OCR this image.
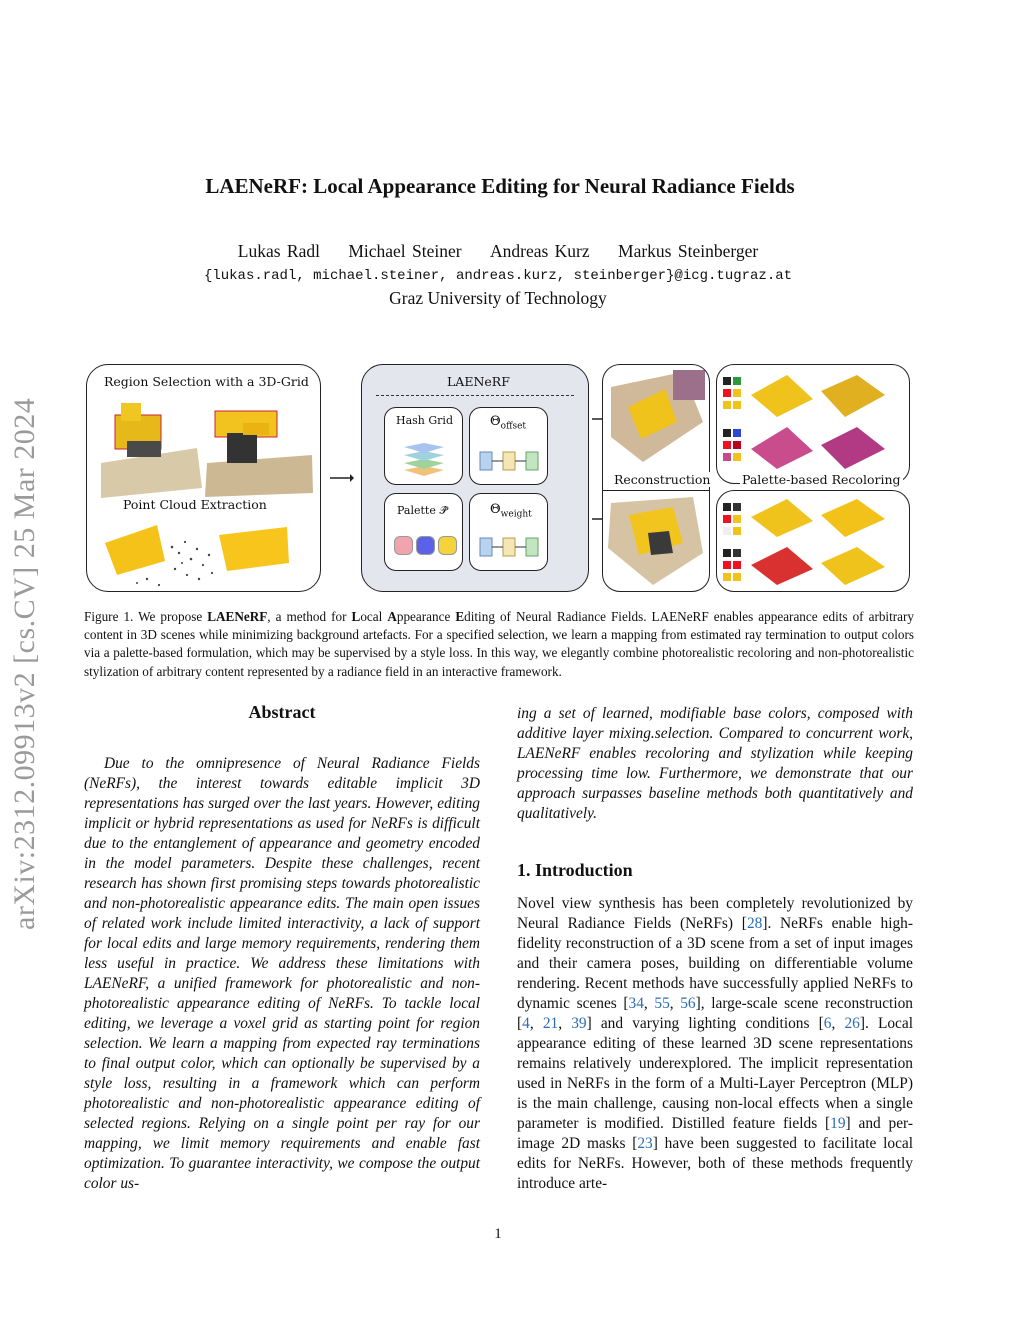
arXiv:2312.09913v2 [cs.CV] 25 Mar 2024
LAENeRF: Local Appearance Editing for Neural Radiance Fields
Lukas Radl Michael Steiner Andreas Kurz Markus Steinberger
{lukas.radl, michael.steiner, andreas.kurz, steinberger}@icg.tugraz.at
Graz University of Technology
Region Selection with a 3D-Grid
Point Cloud Extraction
LAENeRF
Hash Grid	$\Theta_{offset}$
Palette 𝒫̂	$\Theta_{weight}$
Reconstruction	Palette-based Recoloring
Figure 1. We propose LAENeRF, a method for Local Appearance Editing of Neural Radiance Fields. LAENeRF enables appearance edits of arbitrary content in 3D scenes while minimizing background artefacts. For a specified selection, we learn a mapping from estimated ray termination to output colors via a palette-based formulation, which may be supervised by a style loss. In this way, we elegantly combine photorealistic recoloring and non-photorealistic stylization of arbitrary content represented by a radiance field in an interactive framework.
Abstract
Due to the omnipresence of Neural Radiance Fields (NeRFs), the interest towards editable implicit 3D representations has surged over the last years. However, editing implicit or hybrid representations as used for NeRFs is difficult due to the entanglement of appearance and geometry encoded in the model parameters. Despite these challenges, recent research has shown first promising steps towards photorealistic and non-photorealistic appearance edits. The main open issues of related work include limited interactivity, a lack of support for local edits and large memory requirements, rendering them less useful in practice. We address these limitations with LAENeRF, a unified framework for photorealistic and non-photorealistic appearance editing of NeRFs. To tackle local editing, we leverage a voxel grid as starting point for region selection. We learn a mapping from expected ray terminations to final output color, which can optionally be supervised by a style loss, resulting in a framework which can perform photorealistic and non-photorealistic appearance editing of selected regions. Relying on a single point per ray for our mapping, we limit memory requirements and enable fast optimization. To guarantee interactivity, we compose the output color us-
ing a set of learned, modifiable base colors, composed with additive layer mixing.selection. Compared to concurrent work, LAENeRF enables recoloring and stylization while keeping processing time low. Furthermore, we demonstrate that our approach surpasses baseline methods both quantitatively and qualitatively.
1. Introduction
Novel view synthesis has been completely revolutionized by Neural Radiance Fields (NeRFs) [28]. NeRFs enable high-fidelity reconstruction of a 3D scene from a set of input images and their camera poses, building on differentiable volume rendering. Recent methods have successfully applied NeRFs to dynamic scenes [34, 55, 56], large-scale scene reconstruction [4, 21, 39] and varying lighting conditions [6, 26]. Local appearance editing of these learned 3D scene representations remains relatively underexplored. The implicit representation used in NeRFs in the form of a Multi-Layer Perceptron (MLP) is the main challenge, causing non-local effects when a single parameter is modified. Distilled feature fields [19] and per-image 2D masks [23] have been suggested to facilitate local edits for NeRFs. However, both of these methods frequently introduce arte-
1
